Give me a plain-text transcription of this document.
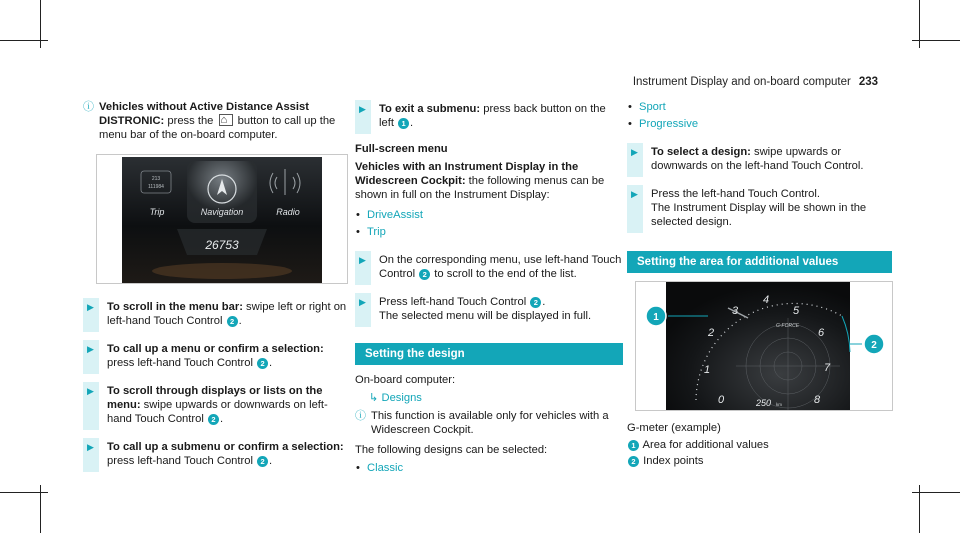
Instrument Display and on-board computer 233
ⓘ Vehicles without Active Distance Assist DISTRONIC: press the ⌂ button to call up the menu bar of the on-board computer.
213
111984
Trip	Navigation	Radio
26753
▶ To scroll in the menu bar: swipe left or right on left-hand Touch Control 2 .
▶ To call up a menu or confirm a selection: press left-hand Touch Control 2 .
▶ To scroll through displays or lists on the menu: swipe upwards or downwards on left-hand Touch Control 2 .
▶ To call up a submenu or confirm a selection: press left-hand Touch Control 2 .
▶ To exit a submenu: press back button on the left 1 .
Full-screen menu
Vehicles with an Instrument Display in the Widescreen Cockpit: the following menus can be shown in full on the Instrument Display:
• DriveAssist
• Trip
▶ On the corresponding menu, use left-hand Touch Control 2 to scroll to the end of the list.
▶ Press left-hand Touch Control 2 .
The selected menu will be displayed in full.
Setting the design
On-board computer:
↳ Designs
ⓘ This function is available only for vehicles with a Widescreen Cockpit.
The following designs can be selected:
• Classic
• Sport
• Progressive
▶ To select a design: swipe upwards or downwards on the left-hand Touch Control.
▶ Press the left-hand Touch Control.
The Instrument Display will be shown in the selected design.
Setting the area for additional values
0
1
2
3
4
5
6
7
8
G-FORCE
250 km
1
2
G-meter (example)
1 Area for additional values
2 Index points
